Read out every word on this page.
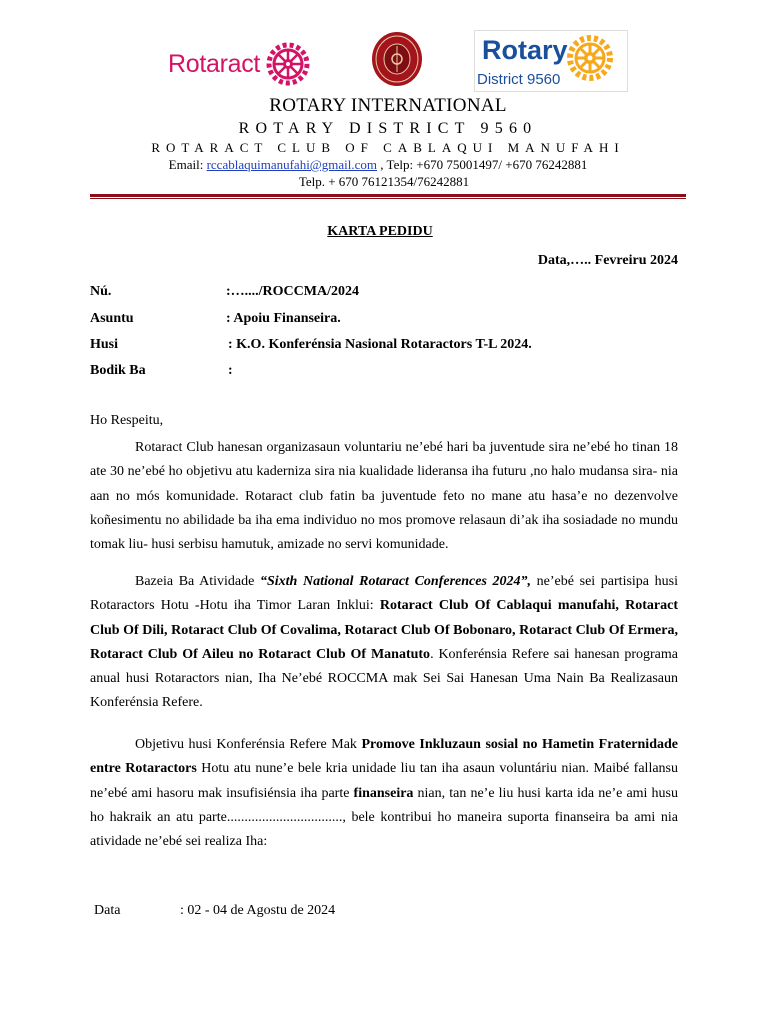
Rotaract	Rotary
District 9560
ROTARY INTERNATIONAL
ROTARY DISTRICT 9560
ROTARACT CLUB OF CABLAQUI MANUFAHI
Email: rccablaquimanufahi@gmail.com , Telp: +670 75001497/ +670 76242881
Telp. + 670 76121354/76242881
KARTA PEDIDU
Data,….. Fevreiru 2024
Nú.	:…..../ROCCMA/2024
Asuntu	: Apoiu Finanseira.
Husi	: K.O. Konferénsia Nasional Rotaractors T-L 2024.
Bodik Ba	:
Ho Respeitu,
Rotaract Club hanesan organizasaun voluntariu ne’ebé hari ba juventude sira ne’ebé ho tinan 18 ate 30 ne’ebé ho objetivu atu kaderniza sira nia kualidade lideransa iha futuru ,no halo mudansa sira- nia aan no mós komunidade. Rotaract club fatin ba juventude feto no mane atu hasa’e no dezenvolve koñesimentu no abilidade ba iha ema individuo no mos promove relasaun di’ak iha sosiadade no mundu tomak liu- husi serbisu hamutuk, amizade no servi komunidade.
Bazeia Ba Atividade “Sixth National Rotaract Conferences 2024”, ne’ebé sei partisipa husi Rotaractors Hotu -Hotu iha Timor Laran Inklui: Rotaract Club Of Cablaqui manufahi, Rotaract Club Of Dili, Rotaract Club Of Covalima, Rotaract Club Of Bobonaro, Rotaract Club Of Ermera, Rotaract Club Of Aileu no Rotaract Club Of Manatuto. Konferénsia Refere sai hanesan programa anual husi Rotaractors nian, Iha Ne’ebé ROCCMA mak Sei Sai Hanesan Uma Nain Ba Realizasaun Konferénsia Refere.
Objetivu husi Konferénsia Refere Mak Promove Inkluzaun sosial no Hametin Fraternidade entre Rotaractors Hotu atu nune’e bele kria unidade liu tan iha asaun voluntáriu nian. Maibé fallansu ne’ebé ami hasoru mak insufisiénsia iha parte finanseira nian, tan ne’e liu husi karta ida ne’e ami husu ho hakraik an atu parte................................., bele kontribui ho maneira suporta finanseira ba ami nia atividade ne’ebé sei realiza Iha:
Data	: 02 - 04 de Agostu de 2024
